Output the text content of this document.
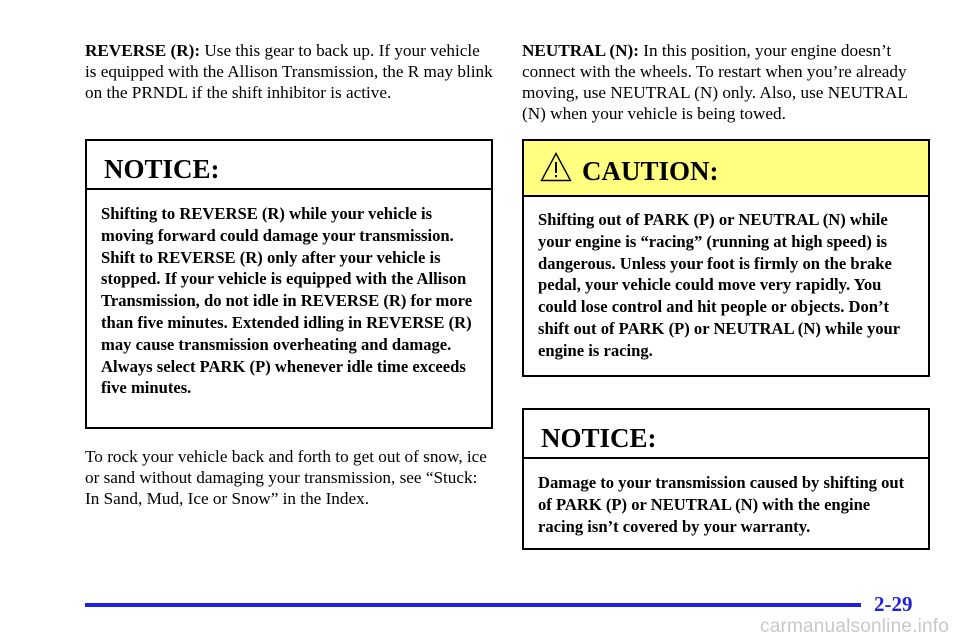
REVERSE (R): Use this gear to back up. If your vehicle is equipped with the Allison Transmission, the R may blink on the PRNDL if the shift inhibitor is active.

NOTICE:
Shifting to REVERSE (R) while your vehicle is moving forward could damage your transmission. Shift to REVERSE (R) only after your vehicle is stopped. If your vehicle is equipped with the Allison Transmission, do not idle in REVERSE (R) for more than five minutes. Extended idling in REVERSE (R) may cause transmission overheating and damage. Always select PARK (P) whenever idle time exceeds five minutes.

To rock your vehicle back and forth to get out of snow, ice or sand without damaging your transmission, see “Stuck: In Sand, Mud, Ice or Snow” in the Index.

NEUTRAL (N): In this position, your engine doesn’t connect with the wheels. To restart when you’re already moving, use NEUTRAL (N) only. Also, use NEUTRAL (N) when your vehicle is being towed.

CAUTION:
Shifting out of PARK (P) or NEUTRAL (N) while your engine is “racing” (running at high speed) is dangerous. Unless your foot is firmly on the brake pedal, your vehicle could move very rapidly. You could lose control and hit people or objects. Don’t shift out of PARK (P) or NEUTRAL (N) while your engine is racing.
NOTICE:
Damage to your transmission caused by shifting out of PARK (P) or NEUTRAL (N) with the engine racing isn’t covered by your warranty.
2-29
carmanualsonline.info
